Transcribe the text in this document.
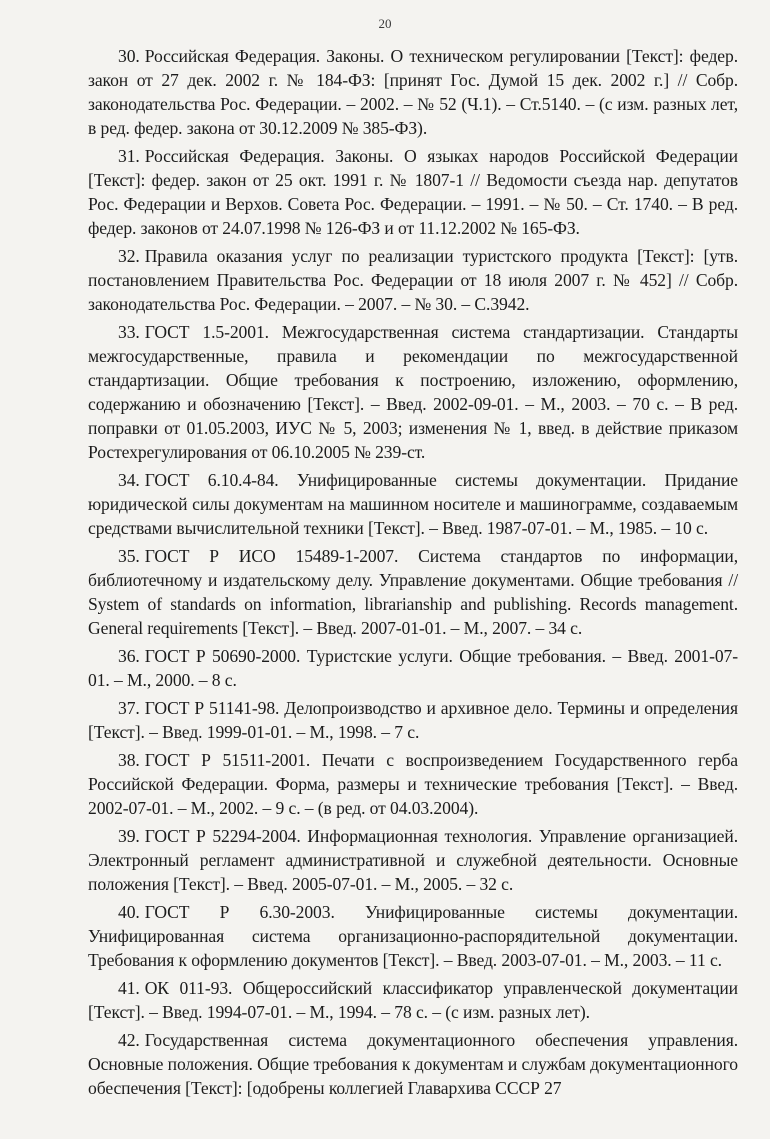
20
30. Российская Федерация. Законы. О техническом регулировании [Текст]: федер. закон от 27 дек. 2002 г. № 184-ФЗ: [принят Гос. Думой 15 дек. 2002 г.] // Собр. законодательства Рос. Федерации. – 2002. – № 52 (Ч.1). – Ст.5140. – (с изм. разных лет, в ред. федер. закона от 30.12.2009 № 385-ФЗ).
31. Российская Федерация. Законы. О языках народов Российской Федерации [Текст]: федер. закон от 25 окт. 1991 г. № 1807-1 // Ведомости съезда нар. депутатов Рос. Федерации и Верхов. Совета Рос. Федерации. – 1991. – № 50. – Ст. 1740. – В ред. федер. законов от 24.07.1998 № 126-ФЗ и от 11.12.2002 № 165-ФЗ.
32. Правила оказания услуг по реализации туристского продукта [Текст]: [утв. постановлением Правительства Рос. Федерации от 18 июля 2007 г. № 452] // Собр. законодательства Рос. Федерации. – 2007. – № 30. – С.3942.
33. ГОСТ 1.5-2001. Межгосударственная система стандартизации. Стандарты межгосударственные, правила и рекомендации по межгосударственной стандартизации. Общие требования к построению, изложению, оформлению, содержанию и обозначению [Текст]. – Введ. 2002-09-01. – М., 2003. – 70 с. – В ред. поправки от 01.05.2003, ИУС № 5, 2003; изменения № 1, введ. в действие приказом Ростехрегулирования от 06.10.2005 № 239-ст.
34. ГОСТ 6.10.4-84. Унифицированные системы документации. Придание юридической силы документам на машинном носителе и машинограмме, создаваемым средствами вычислительной техники [Текст]. – Введ. 1987-07-01. – М., 1985. – 10 с.
35. ГОСТ Р ИСО 15489-1-2007. Система стандартов по информации, библиотечному и издательскому делу. Управление документами. Общие требования // System of standards on information, librarianship and publishing. Records management. General requirements [Текст]. – Введ. 2007-01-01. – М., 2007. – 34 с.
36. ГОСТ Р 50690-2000. Туристские услуги. Общие требования. – Введ. 2001-07-01. – М., 2000. – 8 с.
37. ГОСТ Р 51141-98. Делопроизводство и архивное дело. Термины и определения [Текст]. – Введ. 1999-01-01. – М., 1998. – 7 с.
38. ГОСТ Р 51511-2001. Печати с воспроизведением Государственного герба Российской Федерации. Форма, размеры и технические требования [Текст]. – Введ. 2002-07-01. – М., 2002. – 9 с. – (в ред. от 04.03.2004).
39. ГОСТ Р 52294-2004. Информационная технология. Управление организацией. Электронный регламент административной и служебной деятельности. Основные положения [Текст]. – Введ. 2005-07-01. – М., 2005. – 32 с.
40. ГОСТ Р 6.30-2003. Унифицированные системы документации. Унифицированная система организационно-распорядительной документации. Требования к оформлению документов [Текст]. – Введ. 2003-07-01. – М., 2003. – 11 с.
41. ОК 011-93. Общероссийский классификатор управленческой документации [Текст]. – Введ. 1994-07-01. – М., 1994. – 78 с. – (с изм. разных лет).
42. Государственная система документационного обеспечения управления. Основные положения. Общие требования к документам и службам документационного обеспечения [Текст]: [одобрены коллегией Главархива СССР 27
